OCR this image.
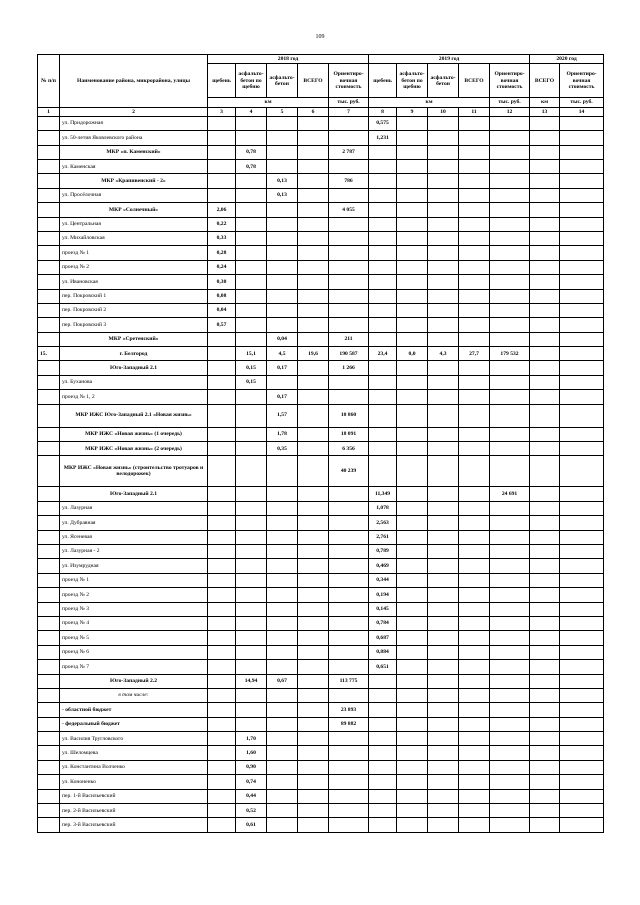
109
№ п/п	Наименование района, микрорайона, улицы	2018 год					2019 год					2020 год		
		щебень	асфальто-бетон по щебню	асфальто-бетон	ВСЕГО	Ориентиро-вочная стоимость	щебень	асфальто-бетон по щебню	асфальто-бетон	ВСЕГО	Ориентиро-вочная стоимость	ВСЕГО	Ориентиро-вочная стоимость	
		км				тыс. руб.	км				тыс. руб.	км	тыс. руб.	
1	2	3	4	5	6	7	8	9	10	11	12	13	14	
	ул. Придорожная						0,575							
	ул. 50-летия Яковлевского района						1,231							
	МКР «п. Каменский»		0,78			2 787								
	ул. Каменская		0,78											
	МКР «Крапивенский - 2»			0,13		786								
	ул. Просёлочная			0,13										
	МКР «Солнечный»	2,06				4 055								
	ул. Центральная	0,22												
	ул. Михайловская	0,33												
	проезд № 1	0,28												
	проезд № 2	0,24												
	ул. Ивановская	0,30												
	пер. Покровский 1	0,08												
	пер. Покровский 2	0,04												
	пер. Покровский 3	0,57												
	МКР «Сретенский»			0,04		211								
15.	г. Белгород		15,1	4,5	19,6	190 587	23,4	0,0	4,3	27,7	179 532			
	Юго-Западный 2.1		0,15	0,17		1 266								
	ул. Буханова		0,15											
	проезд № 1, 2			0,17										
	МКР ИЖС Юго-Западный 2.1 «Новая жизнь»			1,57		10 860								
	МКР ИЖС «Новая жизнь» (1 очередь)			1,78		18 091								
	МКР ИЖС «Новая жизнь» (2 очередь)			0,35		6 356								
	МКР ИЖС «Новая жизнь» (строительство тротуаров и велодорожек)					40 239								
	Юго-Западный 2.1						11,349				24 691			
	ул. Лазурная						1,078							
	ул. Дубравная						2,563							
	ул. Ясеневая						2,761							
	ул. Лазурная - 2						0,789							
	ул. Изумрудная						0,469							
	проезд № 1						0,344							
	проезд № 2						0,194							
	проезд № 3						0,145							
	проезд № 4						0,784							
	проезд № 5						0,687							
	проезд № 6						0,884							
	проезд № 7						0,651							
	Юго-Западный 2.2		14,94	0,67		113 775								
	в том числе:													
	- областной бюджет					23 893								
	- федеральный бюджет					89 882								
	ул. Василия Тругловского		1,70											
	ул. Шеломцева		1,60											
	ул. Константина Волченко		0,90											
	ул. Кононенко		0,74											
	пер. 1-й Васильевский		0,44											
	пер. 2-й Васильевский		0,52											
	пер. 3-й Васильевский		0,61											
